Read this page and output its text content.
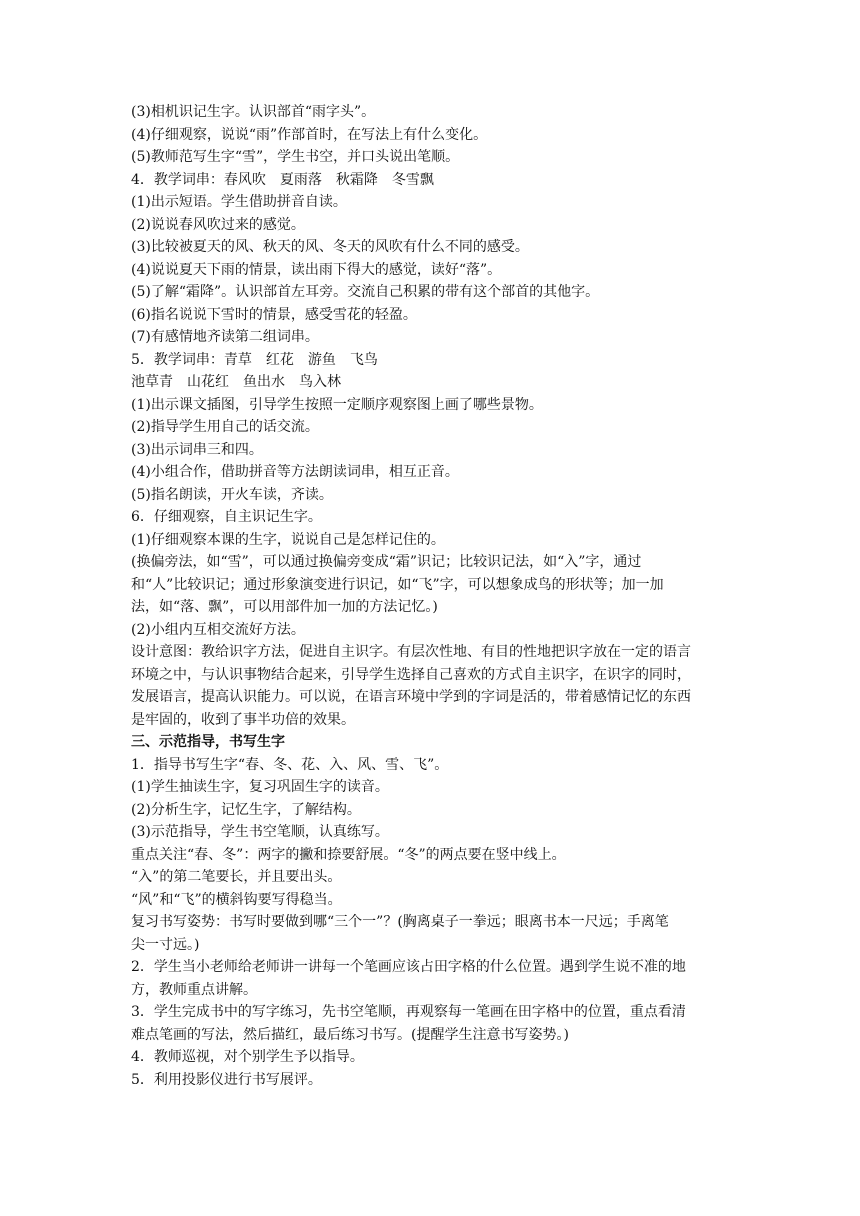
(3)相机识记生字。认识部首“雨字头”。
(4)仔细观察，说说“雨”作部首时，在写法上有什么变化。
(5)教师范写生字“雪”，学生书空，并口头说出笔顺。
4．教学词串：春风吹　夏雨落　秋霜降　冬雪飘
(1)出示短语。学生借助拼音自读。
(2)说说春风吹过来的感觉。
(3)比较被夏天的风、秋天的风、冬天的风吹有什么不同的感受。
(4)说说夏天下雨的情景，读出雨下得大的感觉，读好“落”。
(5)了解“霜降”。认识部首左耳旁。交流自己积累的带有这个部首的其他字。
(6)指名说说下雪时的情景，感受雪花的轻盈。
(7)有感情地齐读第二组词串。
5．教学词串：青草　红花　游鱼　飞鸟
池草青　山花红　鱼出水　鸟入林
(1)出示课文插图，引导学生按照一定顺序观察图上画了哪些景物。
(2)指导学生用自己的话交流。
(3)出示词串三和四。
(4)小组合作，借助拼音等方法朗读词串，相互正音。
(5)指名朗读，开火车读，齐读。
6．仔细观察，自主识记生字。
(1)仔细观察本课的生字，说说自己是怎样记住的。
(换偏旁法，如“雪”，可以通过换偏旁变成“霜”识记；比较识记法，如“入”字，通过
和“人”比较识记；通过形象演变进行识记，如“飞”字，可以想象成鸟的形状等；加一加
法，如“落、飘”，可以用部件加一加的方法记忆。)
(2)小组内互相交流好方法。
设计意图：教给识字方法，促进自主识字。有层次性地、有目的性地把识字放在一定的语言
环境之中，与认识事物结合起来，引导学生选择自己喜欢的方式自主识字，在识字的同时，
发展语言，提高认识能力。可以说，在语言环境中学到的字词是活的，带着感情记忆的东西
是牢固的，收到了事半功倍的效果。
三、示范指导，书写生字
1．指导书写生字“春、冬、花、入、风、雪、飞”。
(1)学生抽读生字，复习巩固生字的读音。
(2)分析生字，记忆生字，了解结构。
(3)示范指导，学生书空笔顺，认真练写。
重点关注“春、冬”：两字的撇和捺要舒展。“冬”的两点要在竖中线上。
“入”的第二笔要长，并且要出头。
“风”和“飞”的横斜钩要写得稳当。
复习书写姿势：书写时要做到哪“三个一”？(胸离桌子一拳远；眼离书本一尺远；手离笔
尖一寸远。)
2．学生当小老师给老师讲一讲每一个笔画应该占田字格的什么位置。遇到学生说不准的地
方，教师重点讲解。
3．学生完成书中的写字练习，先书空笔顺，再观察每一笔画在田字格中的位置，重点看清
难点笔画的写法，然后描红，最后练习书写。(提醒学生注意书写姿势。)
4．教师巡视，对个别学生予以指导。
5．利用投影仪进行书写展评。
